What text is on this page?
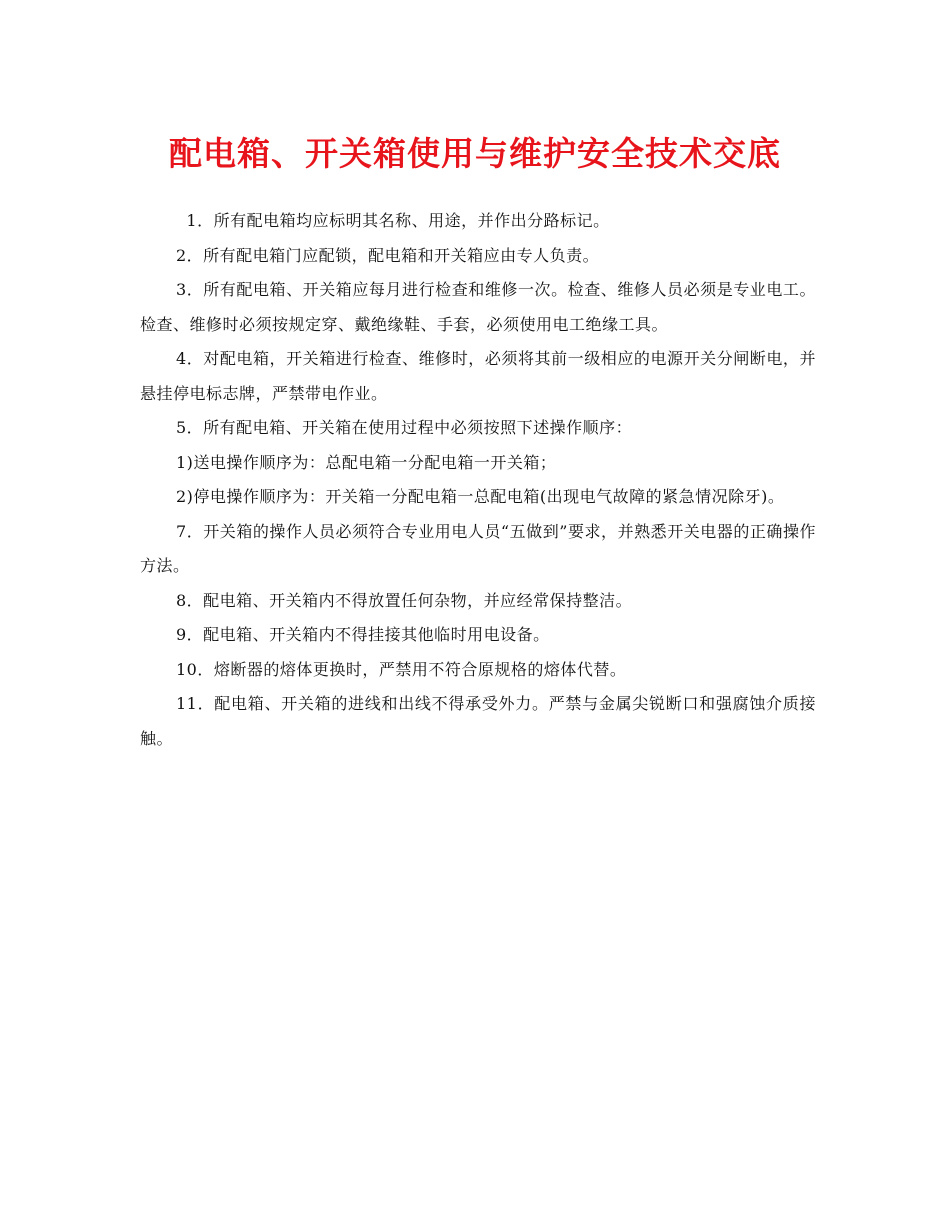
配电箱、开关箱使用与维护安全技术交底

1．所有配电箱均应标明其名称、用途，并作出分路标记。

2．所有配电箱门应配锁，配电箱和开关箱应由专人负责。

3．所有配电箱、开关箱应每月进行检查和维修一次。检查、维修人员必须是专业电工。检查、维修时必须按规定穿、戴绝缘鞋、手套，必须使用电工绝缘工具。

4．对配电箱，开关箱进行检查、维修时，必须将其前一级相应的电源开关分闸断电，并悬挂停电标志牌，严禁带电作业。

5．所有配电箱、开关箱在使用过程中必须按照下述操作顺序：

1)送电操作顺序为：总配电箱一分配电箱一开关箱；

2)停电操作顺序为：开关箱一分配电箱一总配电箱(出现电气故障的紧急情况除牙)。

7．开关箱的操作人员必须符合专业用电人员“五做到”要求，并熟悉开关电器的正确操作方法。

8．配电箱、开关箱内不得放置任何杂物，并应经常保持整洁。

9．配电箱、开关箱内不得挂接其他临时用电设备。

10．熔断器的熔体更换时，严禁用不符合原规格的熔体代替。

11．配电箱、开关箱的进线和出线不得承受外力。严禁与金属尖锐断口和强腐蚀介质接触。
